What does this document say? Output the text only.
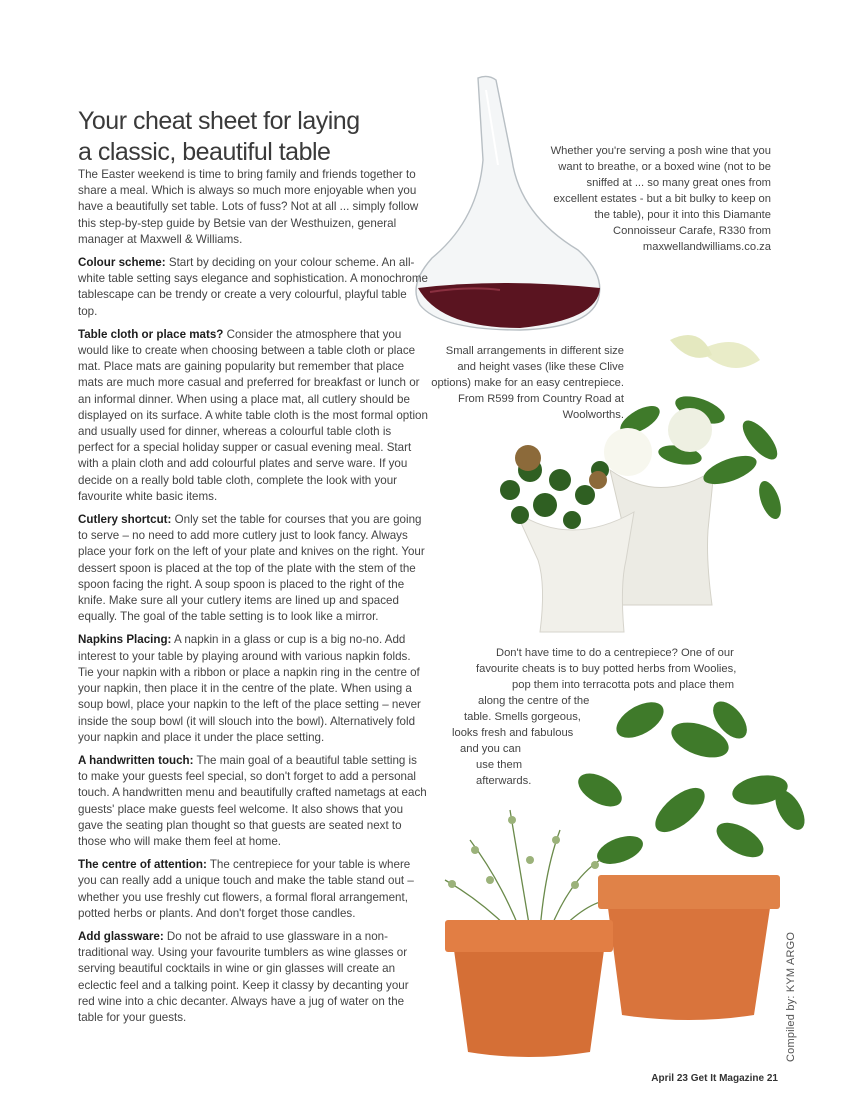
Your cheat sheet for laying
a classic, beautiful table

The Easter weekend is time to bring family and friends together to share a meal. Which is always so much more enjoyable when you have a beautifully set table. Lots of fuss? Not at all ... simply follow this step-by-step guide by Betsie van der Westhuizen, general manager at Maxwell & Williams.

Colour scheme: Start by deciding on your colour scheme. An all-white table setting says elegance and sophistication. A monochrome tablescape can be trendy or create a very colourful, playful table top.

Table cloth or place mats? Consider the atmosphere that you would like to create when choosing between a table cloth or place mat. Place mats are gaining popularity but remember that place mats are much more casual and preferred for breakfast or lunch or an informal dinner. When using a place mat, all cutlery should be displayed on its surface. A white table cloth is the most formal option and usually used for dinner, whereas a colourful table cloth is perfect for a special holiday supper or casual evening meal. Start with a plain cloth and add colourful plates and serve ware. If you decide on a really bold table cloth, complete the look with your favourite white basic items.

Cutlery shortcut: Only set the table for courses that you are going to serve – no need to add more cutlery just to look fancy. Always place your fork on the left of your plate and knives on the right. Your dessert spoon is placed at the top of the plate with the stem of the spoon facing the right. A soup spoon is placed to the right of the knife. Make sure all your cutlery items are lined up and spaced equally. The goal of the table setting is to look like a mirror.

Napkins Placing: A napkin in a glass or cup is a big no-no. Add interest to your table by playing around with various napkin folds. Tie your napkin with a ribbon or place a napkin ring in the centre of your napkin, then place it in the centre of the plate. When using a soup bowl, place your napkin to the left of the place setting – never inside the soup bowl (it will slouch into the bowl). Alternatively fold your napkin and place it under the place setting.

A handwritten touch: The main goal of a beautiful table setting is to make your guests feel special, so don't forget to add a personal touch. A handwritten menu and beautifully crafted nametags at each guests' place make guests feel welcome. It also shows that you gave the seating plan thought so that guests are seated next to those who will make them feel at home.

The centre of attention: The centrepiece for your table is where you can really add a unique touch and make the table stand out – whether you use freshly cut flowers, a formal floral arrangement, potted herbs or plants. And don't forget those candles.

Add glassware: Do not be afraid to use glassware in a non-traditional way. Using your favourite tumblers as wine glasses or serving beautiful cocktails in wine or gin glasses will create an eclectic feel and a talking point. Keep it classy by decanting your red wine into a chic decanter. Always have a jug of water on the table for your guests.

Whether you're serving a posh wine that you want to breathe, or a boxed wine (not to be sniffed at ... so many great ones from excellent estates - but a bit bulky to keep on the table), pour it into this Diamante Connoisseur Carafe, R330 from maxwellandwilliams.co.za
Small arrangements in different size and height vases (like these Clive options) make for an easy centrepiece. From R599 from Country Road at Woolworths.
Don't have time to do a centrepiece? One of our
favourite cheats is to buy potted herbs from Woolies,
pop them into terracotta pots and place them
along the centre of the
table. Smells gorgeous,
looks fresh and fabulous
and you can
use them
afterwards.
Compiled by: KYM ARGO
April 23 Get It Magazine 21
